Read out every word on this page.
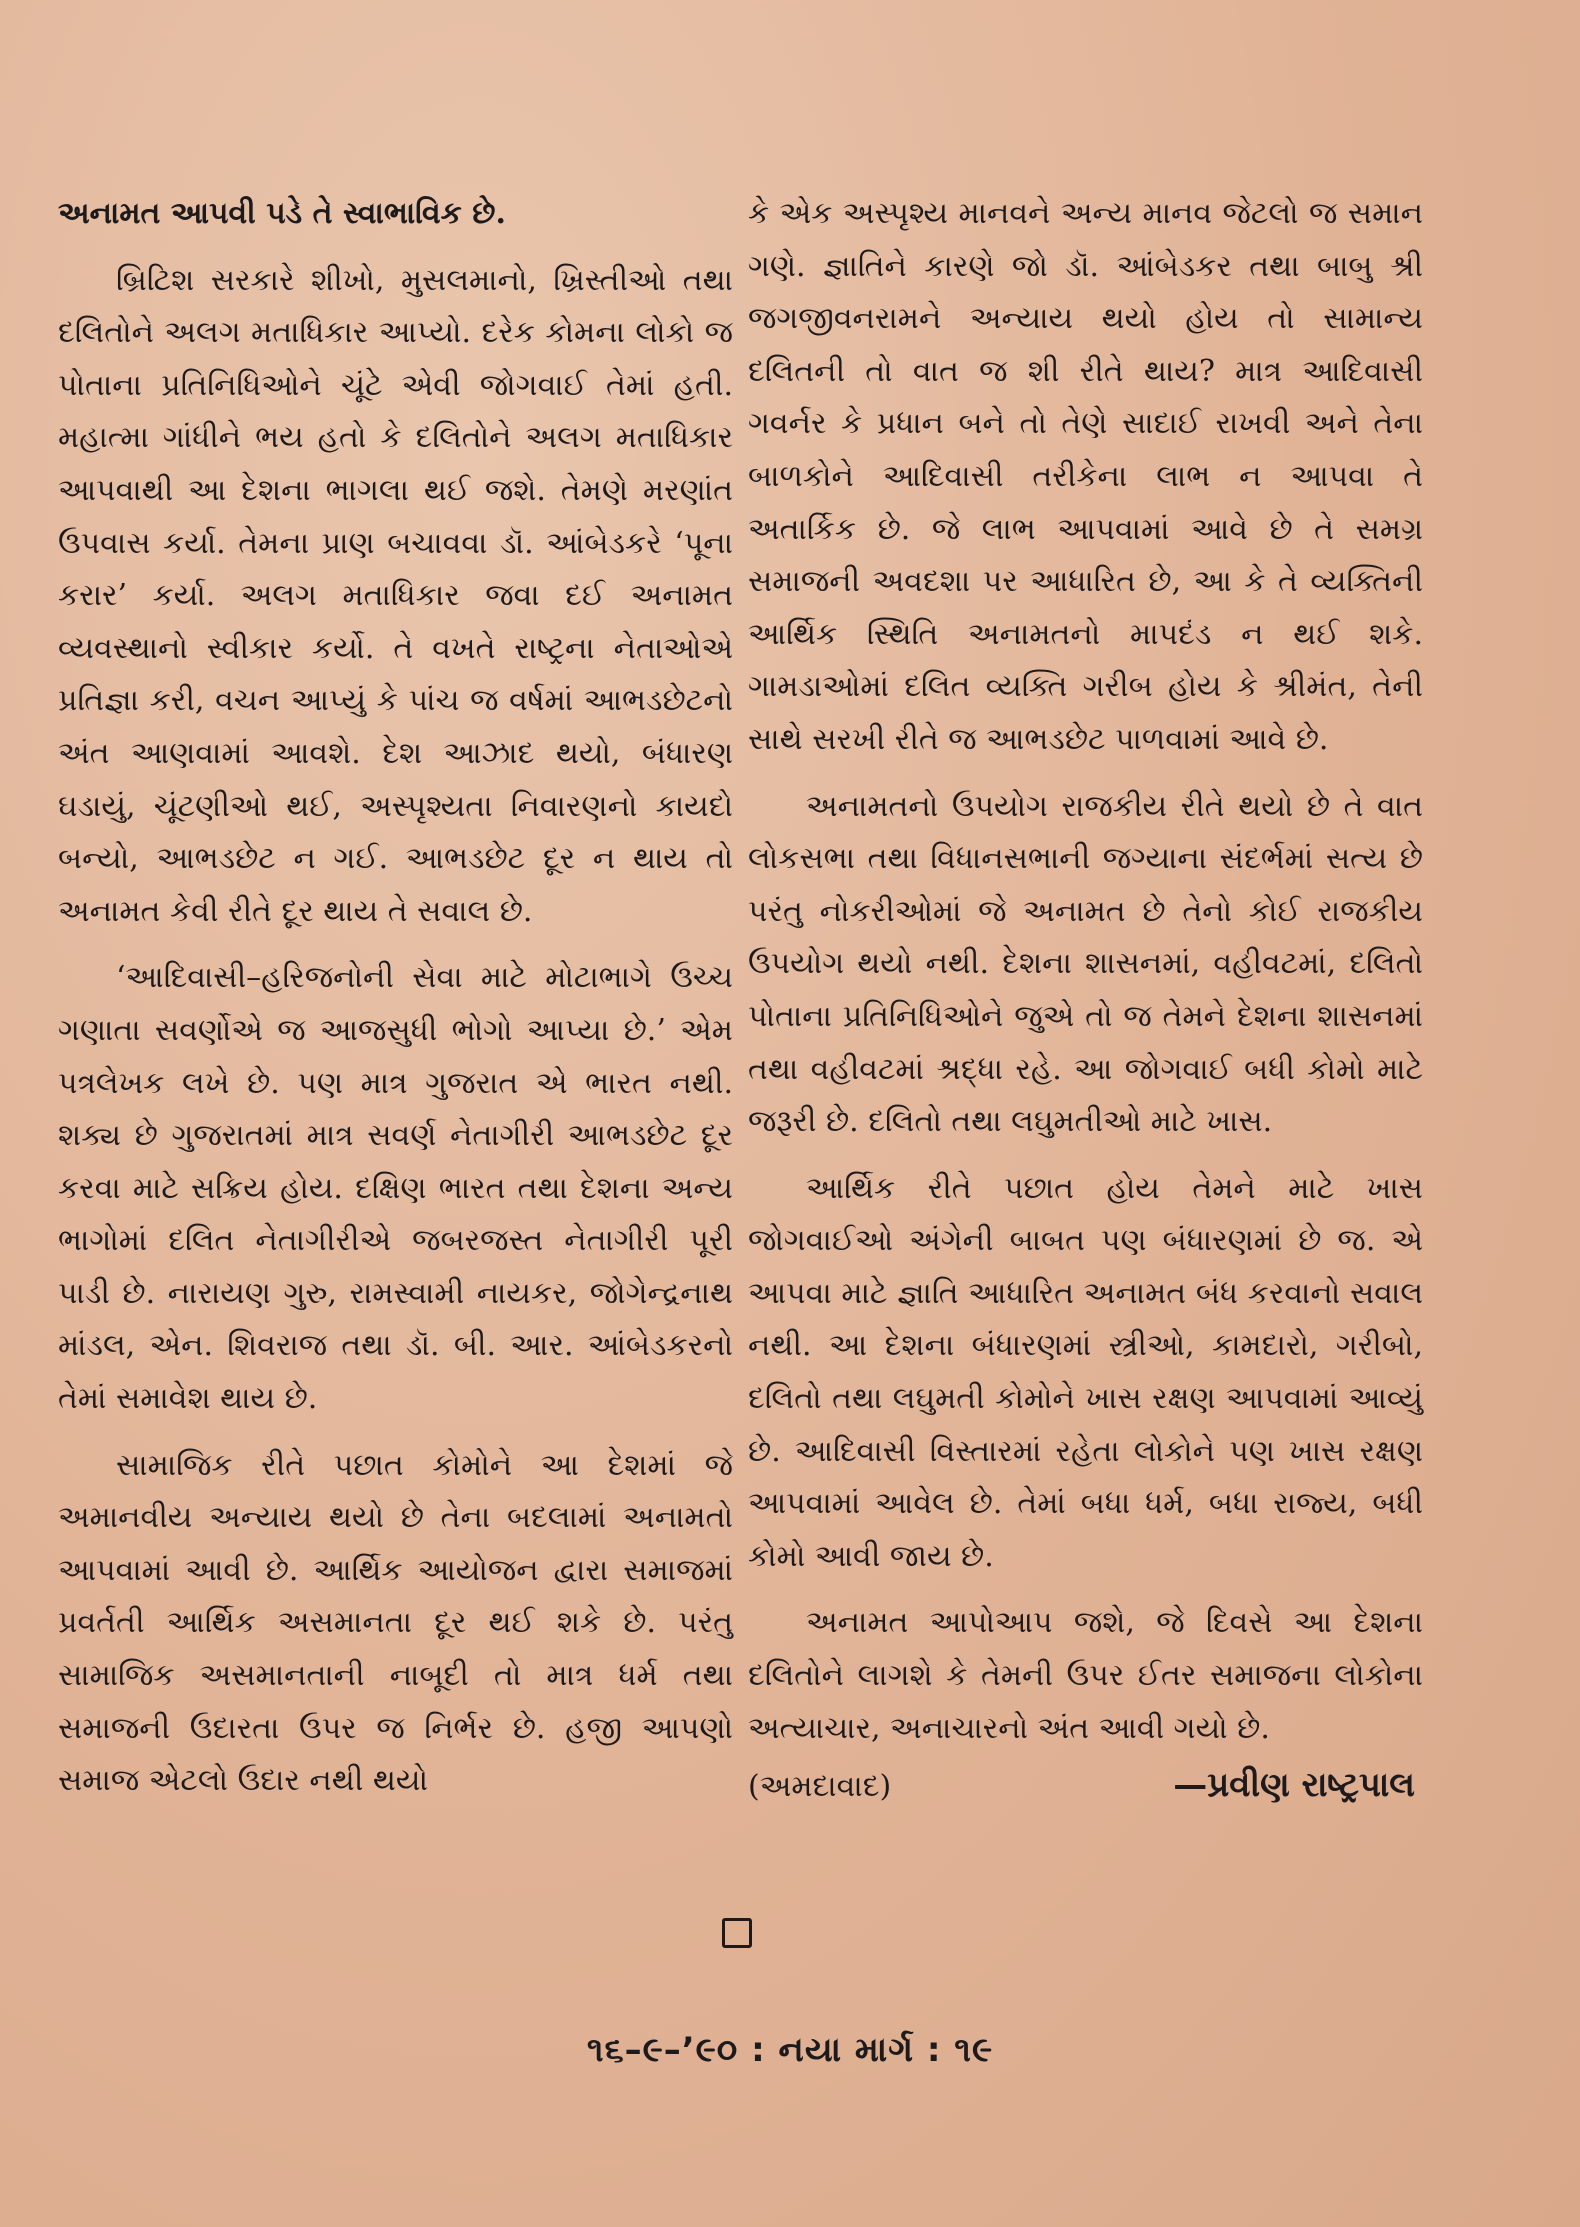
અનામત આપવી પડે તે સ્વાભાવિક છે.

બ્રિટિશ સરકારે શીખો, મુસલમાનો, ખ્રિસ્તીઓ તથા દલિતોને અલગ મતાધિકાર આપ્યો. દરેક કોમના લોકો જ પોતાના પ્રતિનિધિઓને ચૂંટે એવી જોગવાઈ તેમાં હતી. મહાત્મા ગાંધીને ભય હતો કે દલિતોને અલગ મતાધિકાર આપવાથી આ દેશના ભાગલા થઈ જશે. તેમણે મરણાંત ઉપવાસ કર્યા. તેમના પ્રાણ બચાવવા ડૉ. આંબેડકરે ‘પૂના કરાર’ કર્યા. અલગ મતાધિકાર જવા દઈ અનામત વ્યવસ્થાનો સ્વીકાર કર્યો. તે વખતે રાષ્ટ્રના નેતાઓએ પ્રતિજ્ઞા કરી, વચન આપ્યું કે પાંચ જ વર્ષમાં આભડછેટનો અંત આણવામાં આવશે. દેશ આઝાદ થયો, બંધારણ ઘડાયું, ચૂંટણીઓ થઈ, અસ્પૃશ્યતા નિવારણનો કાયદો બન્યો, આભડછેટ ન ગઈ. આભડછેટ દૂર ન થાય તો અનામત કેવી રીતે દૂર થાય તે સવાલ છે.

‘આદિવાસી–હરિજનોની સેવા માટે મોટાભાગે ઉચ્ચ ગણાતા સવર્ણોએ જ આજસુધી ભોગો આપ્યા છે.’ એમ પત્રલેખક લખે છે. પણ માત્ર ગુજરાત એ ભારત નથી. શક્ય છે ગુજરાતમાં માત્ર સવર્ણ નેતાગીરી આભડછેટ દૂર કરવા માટે સક્રિય હોય. દક્ષિણ ભારત તથા દેશના અન્ય ભાગોમાં દલિત નેતાગીરીએ જબરજસ્ત નેતાગીરી પૂરી પાડી છે. નારાયણ ગુરુ, રામસ્વામી નાયકર, જોગેન્દ્રનાથ માંડલ, એન. શિવરાજ તથા ડૉ. બી. આર. આંબેડકરનો તેમાં સમાવેશ થાય છે.

સામાજિક રીતે પછાત કોમોને આ દેશમાં જે અમાનવીય અન્યાય થયો છે તેના બદલામાં અનામતો આપવામાં આવી છે. આર્થિક આયોજન દ્વારા સમાજમાં પ્રવર્તતી આર્થિક અસમાનતા દૂર થઈ શકે છે. પરંતુ સામાજિક અસમાનતાની નાબૂદી તો માત્ર ધર્મ તથા સમાજની ઉદારતા ઉપર જ નિર્ભર છે. હજી આપણો સમાજ એટલો ઉદાર નથી થયો

કે એક અસ્પૃશ્ય માનવને અન્ય માનવ જેટલો જ સમાન ગણે. જ્ઞાતિને કારણે જો ડૉ. આંબેડકર તથા બાબુ શ્રી જગજીવનરામને અન્યાય થયો હોય તો સામાન્ય દલિતની તો વાત જ શી રીતે થાય? માત્ર આદિવાસી ગવર્નર કે પ્રધાન બને તો તેણે સાદાઈ રાખવી અને તેના બાળકોને આદિવાસી તરીકેના લાભ ન આપવા તે અતાર્કિક છે. જે લાભ આપવામાં આવે છે તે સમગ્ર સમાજની અવદશા પર આધારિત છે, આ કે તે વ્યક્તિની આર્થિક સ્થિતિ અનામતનો માપદંડ ન થઈ શકે. ગામડાઓમાં દલિત વ્યક્તિ ગરીબ હોય કે શ્રીમંત, તેની સાથે સરખી રીતે જ આભડછેટ પાળવામાં આવે છે.

અનામતનો ઉપયોગ રાજકીય રીતે થયો છે તે વાત લોકસભા તથા વિધાનસભાની જગ્યાના સંદર્ભમાં સત્ય છે પરંતુ નોકરીઓમાં જે અનામત છે તેનો કોઈ રાજકીય ઉપયોગ થયો નથી. દેશના શાસનમાં, વહીવટમાં, દલિતો પોતાના પ્રતિનિધિઓને જુએ તો જ તેમને દેશના શાસનમાં તથા વહીવટમાં શ્રદ્ધા રહે. આ જોગવાઈ બધી કોમો માટે જરૂરી છે. દલિતો તથા લઘુમતીઓ માટે ખાસ.

આર્થિક રીતે પછાત હોય તેમને માટે ખાસ જોગવાઈઓ અંગેની બાબત પણ બંધારણમાં છે જ. એ આપવા માટે જ્ઞાતિ આધારિત અનામત બંધ કરવાનો સવાલ નથી. આ દેશના બંધારણમાં સ્ત્રીઓ, કામદારો, ગરીબો, દલિતો તથા લઘુમતી કોમોને ખાસ રક્ષણ આપવામાં આવ્યું છે. આદિવાસી વિસ્તારમાં રહેતા લોકોને પણ ખાસ રક્ષણ આપવામાં આવેલ છે. તેમાં બધા ધર્મ, બધા રાજ્ય, બધી કોમો આવી જાય છે.

અનામત આપોઆપ જશે, જે દિવસે આ દેશના દલિતોને લાગશે કે તેમની ઉપર ઈતર સમાજના લોકોના અત્યાચાર, અનાચારનો અંત આવી ગયો છે.

(અમદાવાદ)	—પ્રવીણ રાષ્ટ્રપાલ
૧૬–૯–’૯૦ : નયા માર્ગ : ૧૯
